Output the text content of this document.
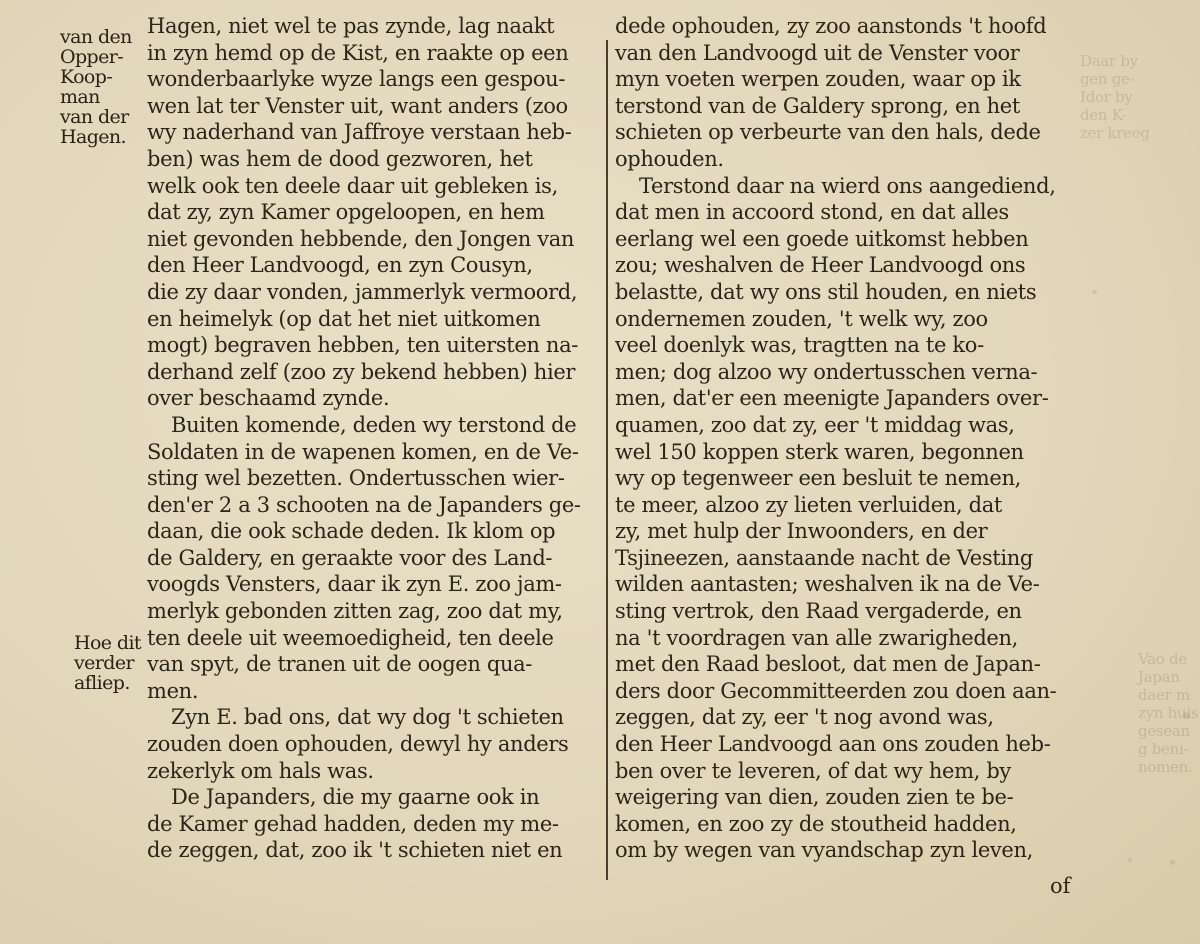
Daar by
gen ge-
Idor by
den K-
zer kreeg
Vao de
Japan
daer m
zyn huis
gesean
g beni-
nomen.
van den
Opper-
Koop-
man
van der
Hagen.
Hoe dit
verder
afliep.
Hagen, niet wel te pas zynde, lag naakt
in zyn hemd op de Kist, en raakte op een
wonderbaarlyke wyze langs een gespou-
wen lat ter Venster uit, want anders (zoo
wy naderhand van Jaffroye verstaan heb-
ben) was hem de dood gezworen, het
welk ook ten deele daar uit gebleken is,
dat zy, zyn Kamer opgeloopen, en hem
niet gevonden hebbende, den Jongen van
den Heer Landvoogd, en zyn Cousyn,
die zy daar vonden, jammerlyk vermoord,
en heimelyk (op dat het niet uitkomen
mogt) begraven hebben, ten uitersten na-
derhand zelf (zoo zy bekend hebben) hier
over beschaamd zynde.
Buiten komende, deden wy terstond de
Soldaten in de wapenen komen, en de Ve-
sting wel bezetten. Ondertusschen wier-
den'er 2 a 3 schooten na de Japanders ge-
daan, die ook schade deden. Ik klom op
de Galdery, en geraakte voor des Land-
voogds Vensters, daar ik zyn E. zoo jam-
merlyk gebonden zitten zag, zoo dat my,
ten deele uit weemoedigheid, ten deele
van spyt, de tranen uit de oogen qua-
men.
Zyn E. bad ons, dat wy dog 't schieten
zouden doen ophouden, dewyl hy anders
zekerlyk om hals was.
De Japanders, die my gaarne ook in
de Kamer gehad hadden, deden my me-
de zeggen, dat, zoo ik 't schieten niet en
dede ophouden, zy zoo aanstonds 't hoofd
van den Landvoogd uit de Venster voor
myn voeten werpen zouden, waar op ik
terstond van de Galdery sprong, en het
schieten op verbeurte van den hals, dede
ophouden.
Terstond daar na wierd ons aangediend,
dat men in accoord stond, en dat alles
eerlang wel een goede uitkomst hebben
zou; weshalven de Heer Landvoogd ons
belastte, dat wy ons stil houden, en niets
ondernemen zouden, 't welk wy, zoo
veel doenlyk was, tragtten na te ko-
men; dog alzoo wy ondertusschen verna-
men, dat'er een meenigte Japanders over-
quamen, zoo dat zy, eer 't middag was,
wel 150 koppen sterk waren, begonnen
wy op tegenweer een besluit te nemen,
te meer, alzoo zy lieten verluiden, dat
zy, met hulp der Inwoonders, en der
Tsjineezen, aanstaande nacht de Vesting
wilden aantasten; weshalven ik na de Ve-
sting vertrok, den Raad vergaderde, en
na 't voordragen van alle zwarigheden,
met den Raad besloot, dat men de Japan-
ders door Gecommitteerden zou doen aan-
zeggen, dat zy, eer 't nog avond was,
den Heer Landvoogd aan ons zouden heb-
ben over te leveren, of dat wy hem, by
weigering van dien, zouden zien te be-
komen, en zoo zy de stoutheid hadden,
om by wegen van vyandschap zyn leven,
of
